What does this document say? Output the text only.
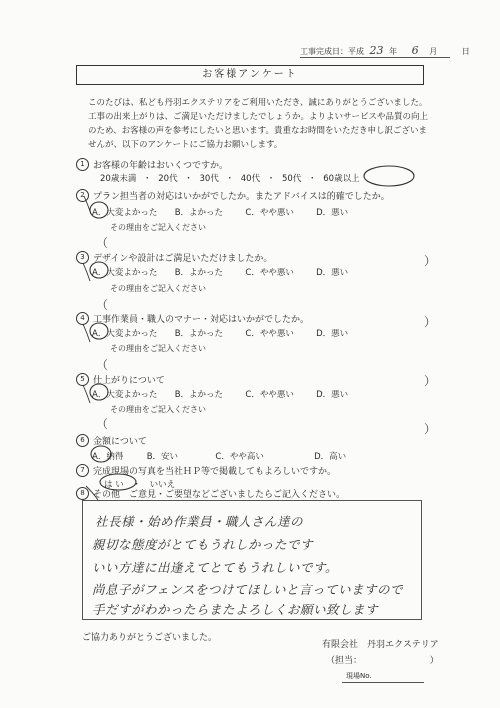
工事完成日：平成 23 年 6 月	日
お客様アンケート
このたびは、私ども丹羽エクステリアをご利用いただき、誠にありがとうございました。
工事の出来上がりは、ご満足いただけましたでしょうか。よりよいサービスや品質の向上
のため、お客様の声を参考にしたいと思います。貴重なお時間をいただき申し訳ございま
せんが、以下のアンケートにご協力お願いします。
1 お客様の年齢はおいくつですか。
20歳未満 ・ 20代 ・ 30代 ・ 40代 ・ 50代 ・ 60歳以上
2 プラン担当者の対応はいかがでしたか。またアドバイスは的確でしたか。
A．大変よかった B．よかった	C．やや悪い	D．悪い
その理由をご記入ください
（
）
3 デザインや設計はご満足いただけましたか。
A．大変よかった B．よかった	C．やや悪い	D．悪い
その理由をご記入ください
（
）
4 工事作業員・職人のマナー・対応はいかがでしたか。
A．大変よかった B．よかった	C．やや悪い	D．悪い
その理由をご記入ください
（
）
5 仕上がりについて
A．大変よかった B．よかった	C．やや悪い	D．悪い
その理由をご記入ください
（	）
6 金額について
A．納得	B．安い	C．やや高い	D．高い
7 完成現場の写真を当社ＨＰ等で掲載してもよろしいですか。
は い ・ いいえ
8 その他　ご意見・ご要望などございましたらご記入ください。
社長様・始め作業員・職人さん達の
親切な態度がとてもうれしかったです
いい方達に出逢えてとてもうれしいです。
尚息子がフェンスをつけてほしいと言っていますので
手だすがわかったらまたよろしくお願い致します
ご協力ありがとうございました。
有限会社　丹羽エクステリア
（担当：	）
現場No.
